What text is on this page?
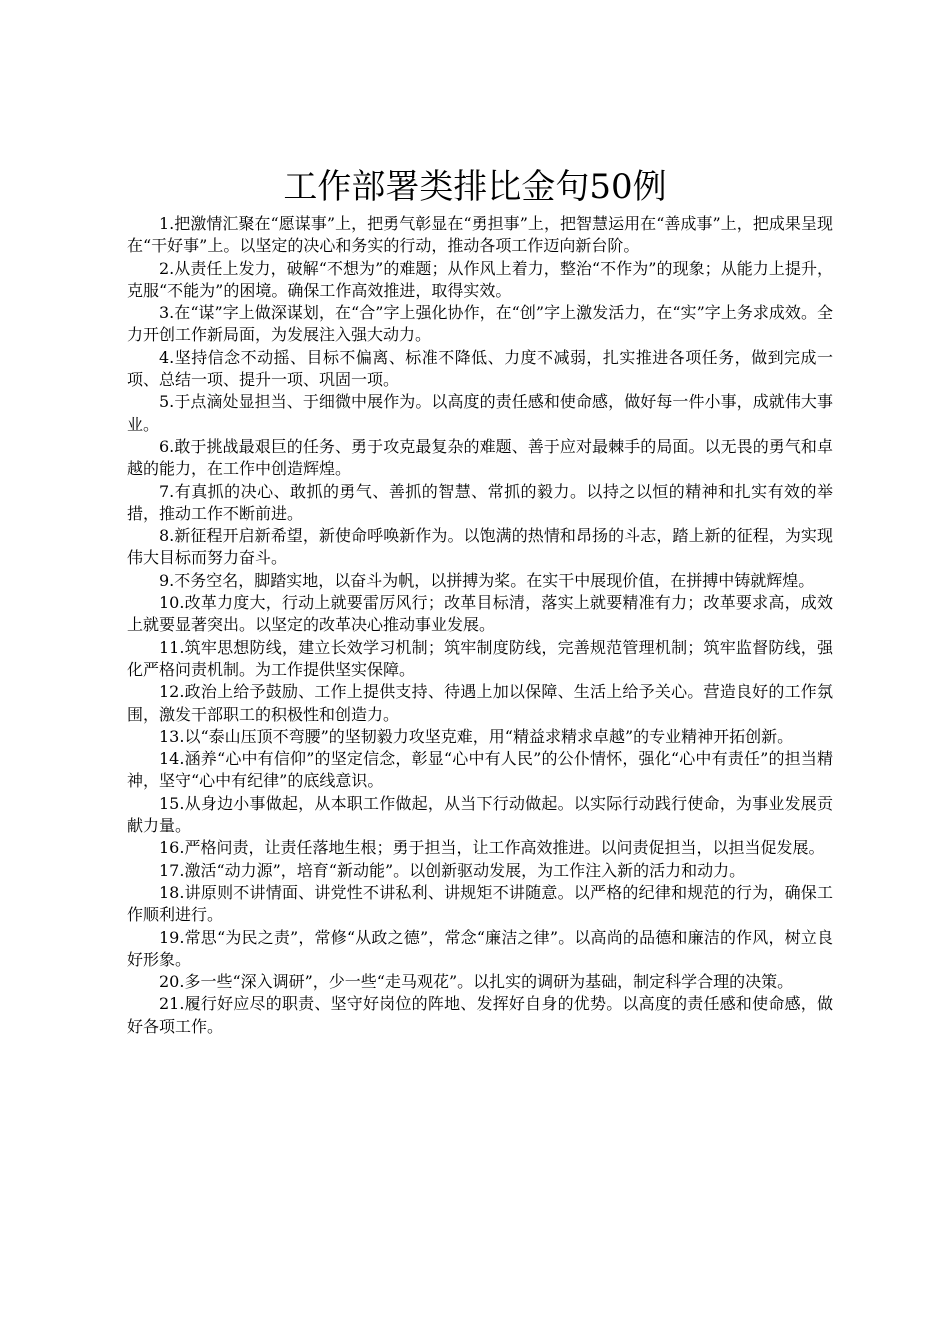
工作部署类排比金句50例

1.把激情汇聚在“愿谋事”上，把勇气彰显在“勇担事”上，把智慧运用在“善成事”上，把成果呈现在“干好事”上。以坚定的决心和务实的行动，推动各项工作迈向新台阶。

2.从责任上发力，破解“不想为”的难题；从作风上着力，整治“不作为”的现象；从能力上提升，克服“不能为”的困境。确保工作高效推进，取得实效。

3.在“谋”字上做深谋划，在“合”字上强化协作，在“创”字上激发活力，在“实”字上务求成效。全力开创工作新局面，为发展注入强大动力。

4.坚持信念不动摇、目标不偏离、标准不降低、力度不减弱，扎实推进各项任务，做到完成一项、总结一项、提升一项、巩固一项。

5.于点滴处显担当、于细微中展作为。以高度的责任感和使命感，做好每一件小事，成就伟大事业。

6.敢于挑战最艰巨的任务、勇于攻克最复杂的难题、善于应对最棘手的局面。以无畏的勇气和卓越的能力，在工作中创造辉煌。

7.有真抓的决心、敢抓的勇气、善抓的智慧、常抓的毅力。以持之以恒的精神和扎实有效的举措，推动工作不断前进。

8.新征程开启新希望，新使命呼唤新作为。以饱满的热情和昂扬的斗志，踏上新的征程，为实现伟大目标而努力奋斗。

9.不务空名，脚踏实地，以奋斗为帆，以拼搏为桨。在实干中展现价值，在拼搏中铸就辉煌。

10.改革力度大，行动上就要雷厉风行；改革目标清，落实上就要精准有力；改革要求高，成效上就要显著突出。以坚定的改革决心推动事业发展。

11.筑牢思想防线，建立长效学习机制；筑牢制度防线，完善规范管理机制；筑牢监督防线，强化严格问责机制。为工作提供坚实保障。

12.政治上给予鼓励、工作上提供支持、待遇上加以保障、生活上给予关心。营造良好的工作氛围，激发干部职工的积极性和创造力。

13.以“泰山压顶不弯腰”的坚韧毅力攻坚克难，用“精益求精求卓越”的专业精神开拓创新。

14.涵养“心中有信仰”的坚定信念，彰显“心中有人民”的公仆情怀，强化“心中有责任”的担当精神，坚守“心中有纪律”的底线意识。

15.从身边小事做起，从本职工作做起，从当下行动做起。以实际行动践行使命，为事业发展贡献力量。

16.严格问责，让责任落地生根；勇于担当，让工作高效推进。以问责促担当，以担当促发展。

17.激活“动力源”，培育“新动能”。以创新驱动发展，为工作注入新的活力和动力。

18.讲原则不讲情面、讲党性不讲私利、讲规矩不讲随意。以严格的纪律和规范的行为，确保工作顺利进行。

19.常思“为民之责”，常修“从政之德”，常念“廉洁之律”。以高尚的品德和廉洁的作风，树立良好形象。

20.多一些“深入调研”，少一些“走马观花”。以扎实的调研为基础，制定科学合理的决策。

21.履行好应尽的职责、坚守好岗位的阵地、发挥好自身的优势。以高度的责任感和使命感，做好各项工作。
